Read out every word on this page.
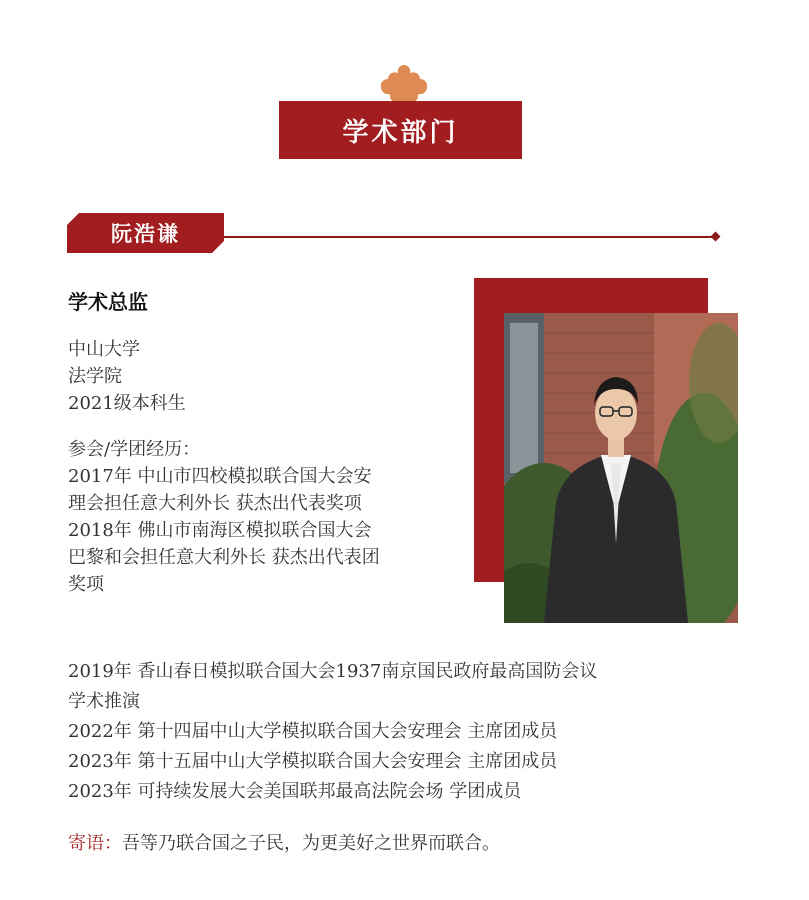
学术部门
阮浩谦
学术总监
中山大学
法学院
2021级本科生
参会/学团经历：
2017年 中山市四校模拟联合国大会安
理会担任意大利外长 获杰出代表奖项
2018年 佛山市南海区模拟联合国大会
巴黎和会担任意大利外长 获杰出代表团
奖项
2019年 香山春日模拟联合国大会1937南京国民政府最高国防会议
学术推演
2022年 第十四届中山大学模拟联合国大会安理会 主席团成员
2023年 第十五届中山大学模拟联合国大会安理会 主席团成员
2023年 可持续发展大会美国联邦最高法院会场 学团成员
寄语：吾等乃联合国之子民，为更美好之世界而联合。
